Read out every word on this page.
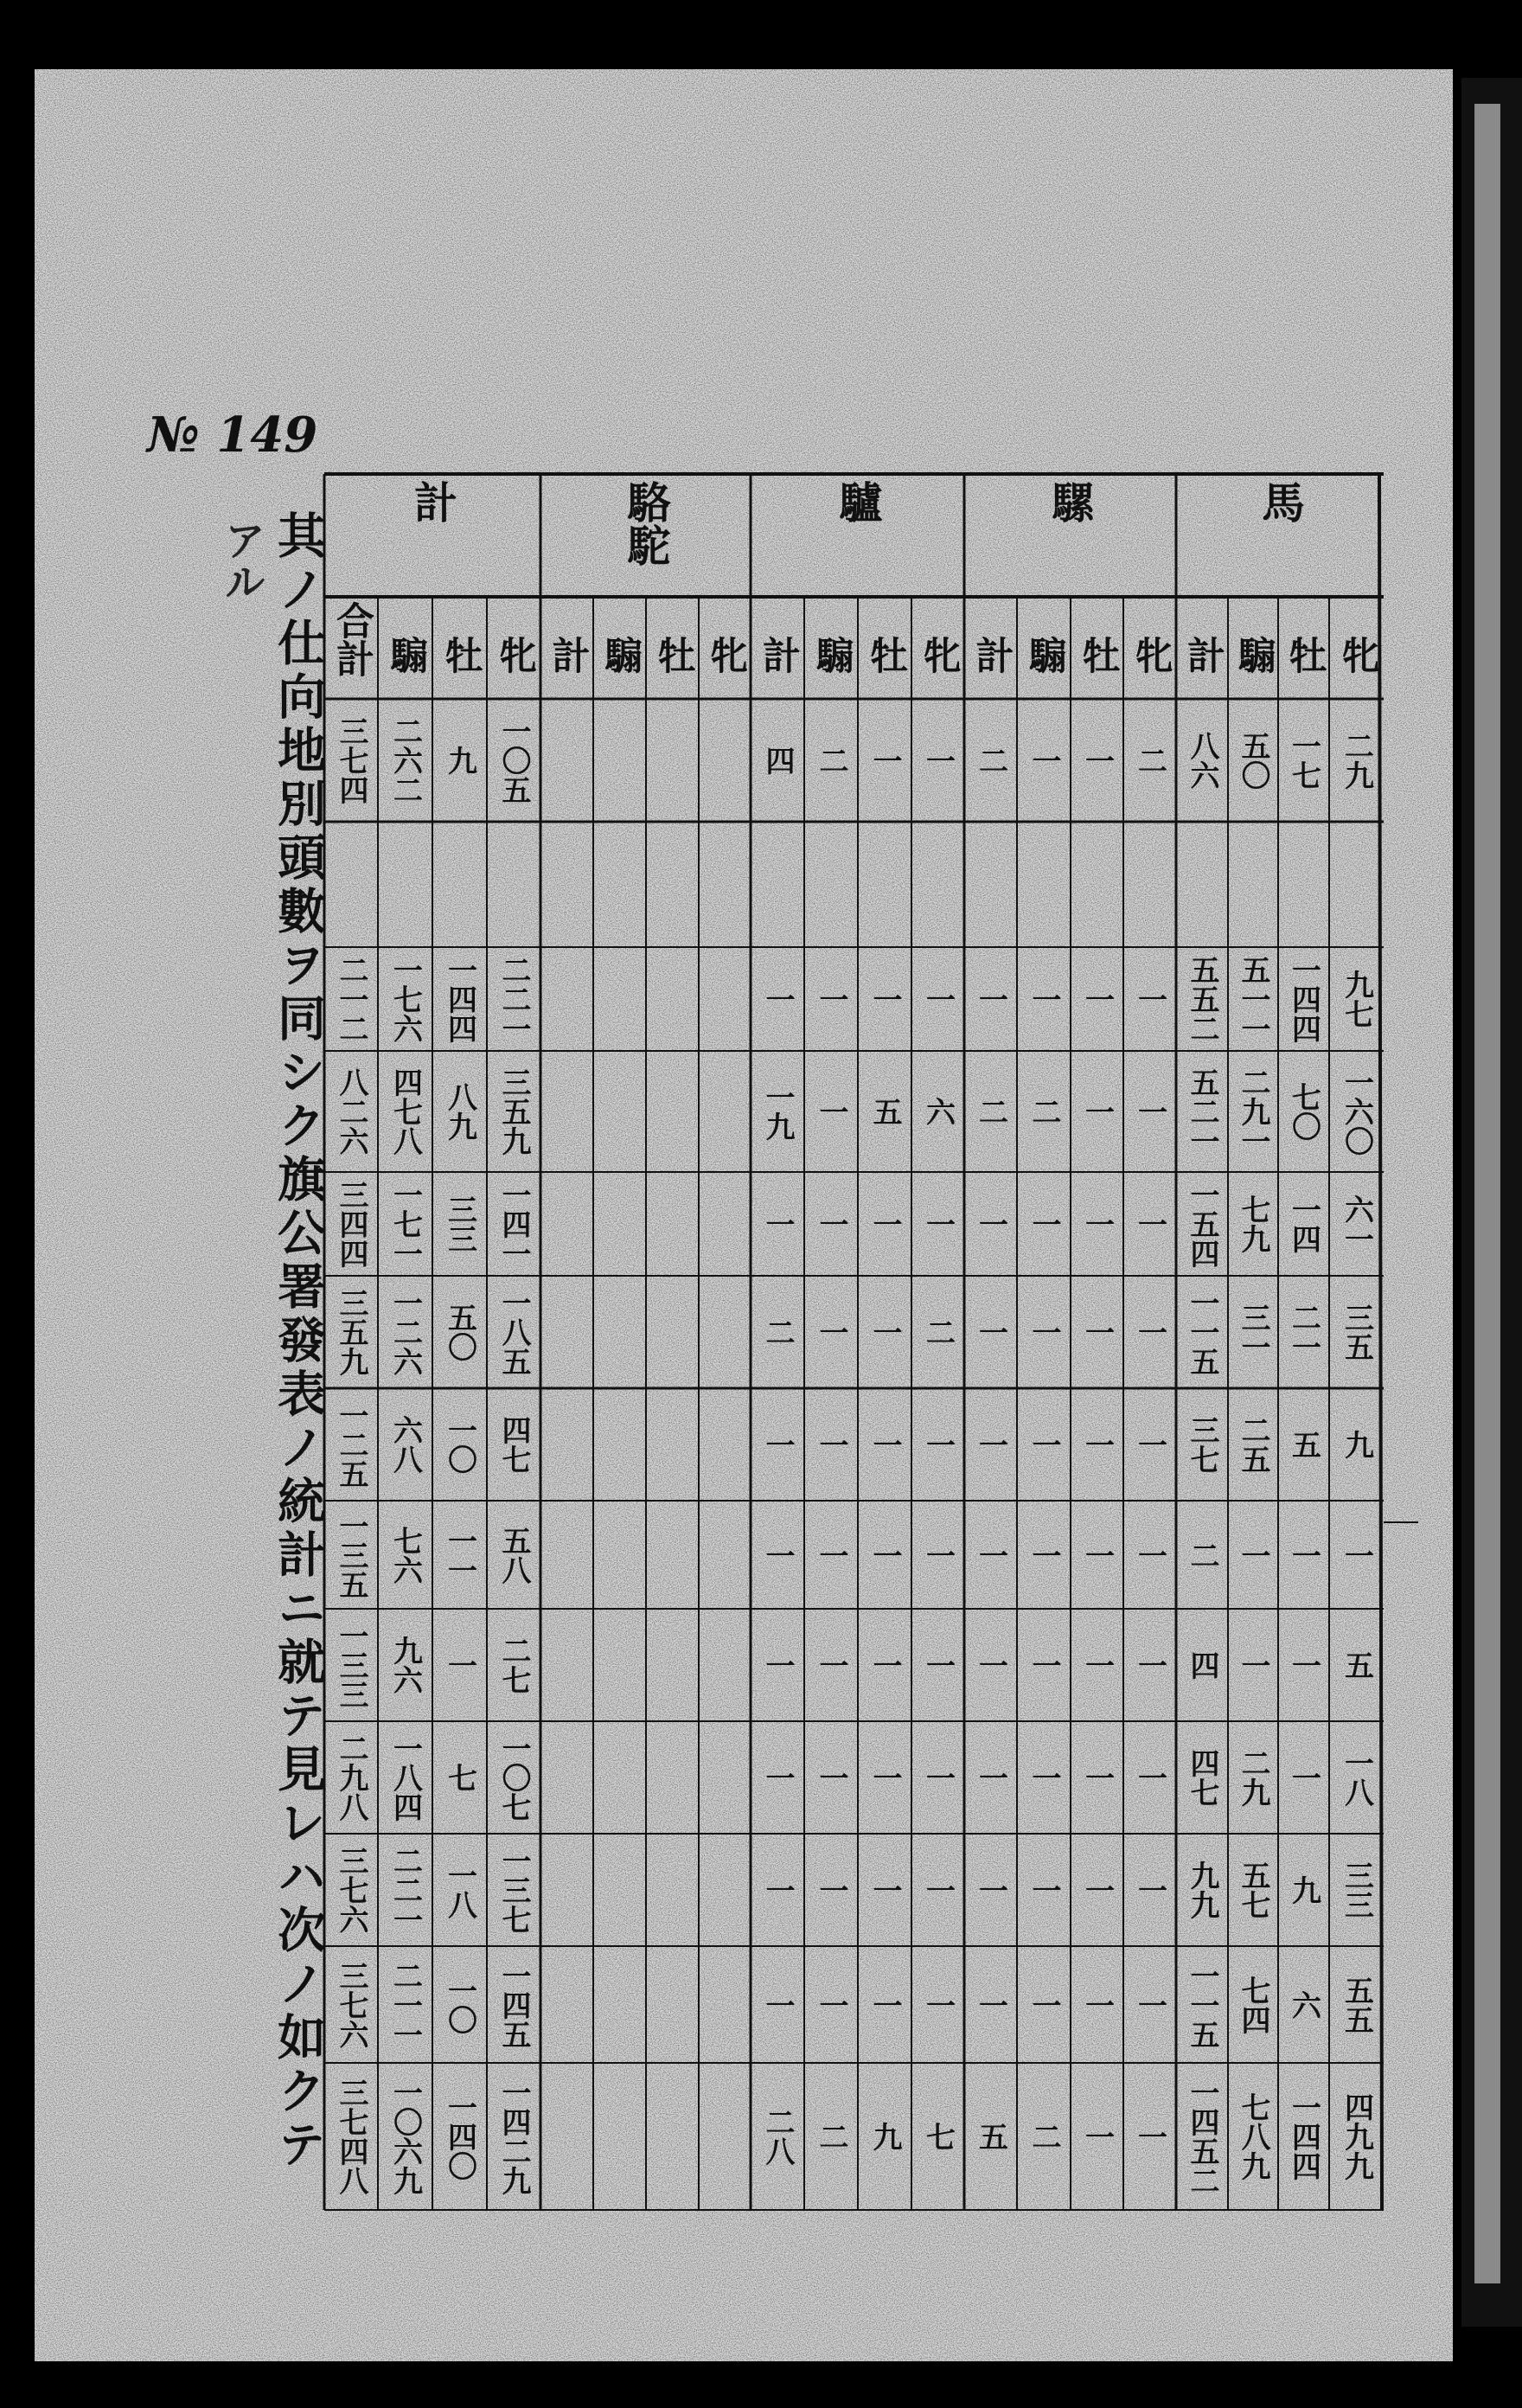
№ 149
其ノ仕向地別頭數ヲ同シク旗公署發表ノ統計ニ就テ見レハ次ノ如クテ
アル
馬
騾
驢
駱駝
計
牝
牡
騸
計
牝
牡
騸
計
牝
牡
騸
計
牝
牡
騸
計
牝
牡
騸
合計
二九
一七
五〇
八六
二
一
一
二
一
一
二
四
一〇五
九
二六二
三七四
九七
一四四
五一一
五五二
一
一
一
一
一
一
一
一
二二一
一四四
一七六
二一二
一六〇
七〇
二九一
五二一
一
一
二
二
六
五
一
一九
三五九
八九
四七八
八二六
六一
一四
七九
一五四
一
一
一
一
一
一
一
一
一四一
三三
一七一
三四四
三五
二一
三一
一一五
一
一
一
一
二
一
一
二
一八五
五〇
一二六
三五九
九
五
二五
三七
一
一
一
一
一
一
一
一
四七
一〇
六八
一二五
一
一
一
二
一
一
一
一
一
一
一
一
五八
一一
七六
一三五
五
一
一
四
一
一
一
一
一
一
一
一
二七
一
九六
一三三
一八
一
二九
四七
一
一
一
一
一
一
一
一
一〇七
七
一八四
二九八
三三
九
五七
九九
一
一
一
一
一
一
一
一
一三七
一八
二二一
三七六
五五
六
七四
一一五
一
一
一
一
一
一
一
一
一四五
一〇
二一一
三七六
四九九
一四四
七八九
一四五二
一
一
二
五
七
九
二
二八
一四二九
一四〇
一〇六九
三七四八
